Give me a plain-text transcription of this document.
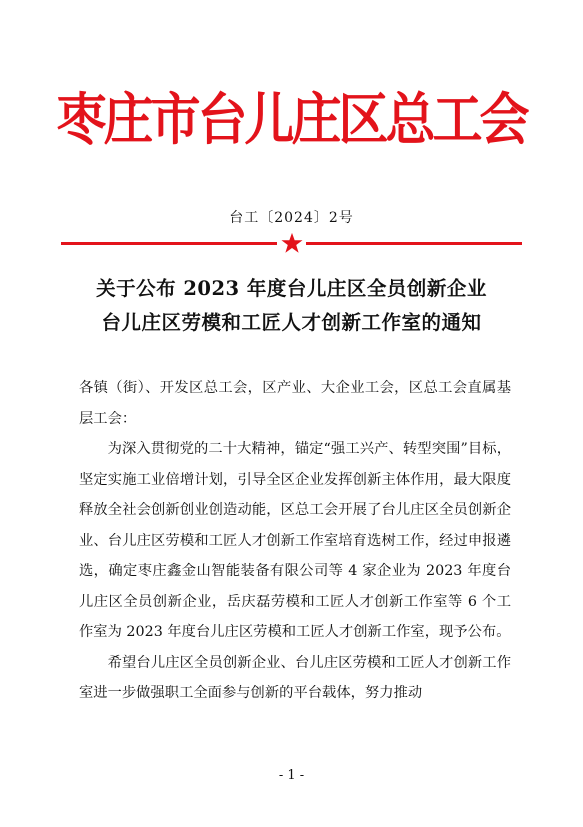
枣庄市台儿庄区总工会
台工〔2024〕2号
关于公布 2023 年度台儿庄区全员创新企业
台儿庄区劳模和工匠人才创新工作室的通知

各镇（街）、开发区总工会，区产业、大企业工会，区总工会直属基层工会：

为深入贯彻党的二十大精神，锚定“强工兴产、转型突围”目标，坚定实施工业倍增计划，引导全区企业发挥创新主体作用，最大限度释放全社会创新创业创造动能，区总工会开展了台儿庄区全员创新企业、台儿庄区劳模和工匠人才创新工作室培育选树工作，经过申报遴选，确定枣庄鑫金山智能装备有限公司等 4 家企业为 2023 年度台儿庄区全员创新企业，岳庆磊劳模和工匠人才创新工作室等 6 个工作室为 2023 年度台儿庄区劳模和工匠人才创新工作室，现予公布。

希望台儿庄区全员创新企业、台儿庄区劳模和工匠人才创新工作室进一步做强职工全面参与创新的平台载体，努力推动

- 1 -
